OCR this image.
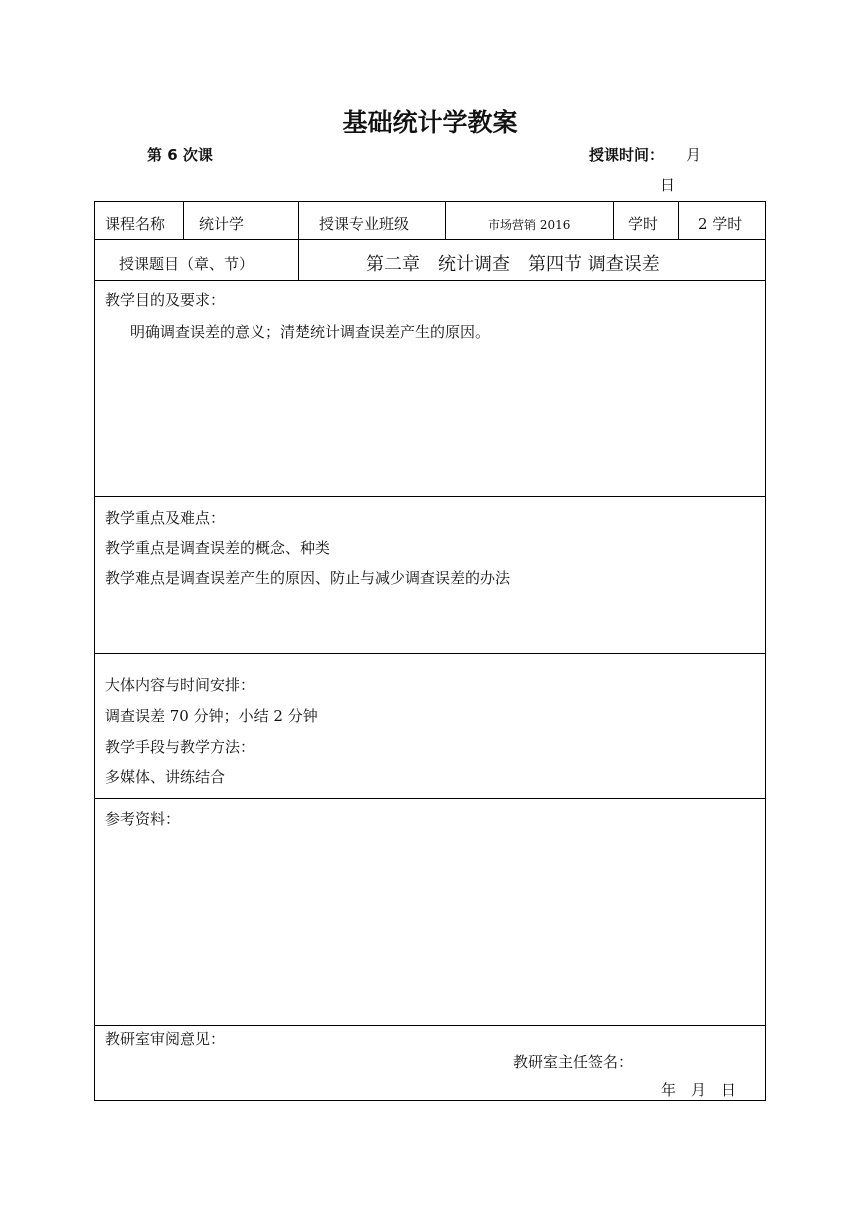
基础统计学教案
第 6 次课	授课时间： 月
日
课程名称 统计学	授课专业班级	市场营销 2016	学时	2 学时
授课题目（章、节）	第二章　统计调查　第四节 调查误差
教学目的及要求：
明确调查误差的意义；清楚统计调查误差产生的原因。
教学重点及难点：
教学重点是调查误差的概念、种类
教学难点是调查误差产生的原因、防止与减少调查误差的办法
大体内容与时间安排：
调查误差 70 分钟；小结 2 分钟
教学手段与教学方法：
多媒体、讲练结合
参考资料：
教研室审阅意见：
教研室主任签名：
年　月　日
